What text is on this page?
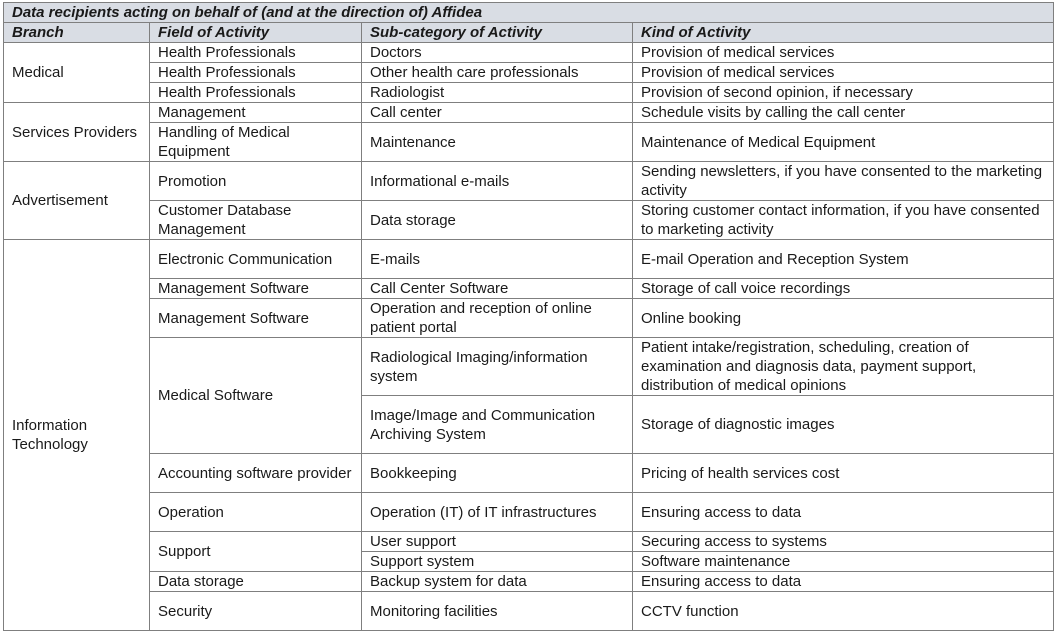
Data recipients acting on behalf of (and at the direction of) Affidea				
Branch	Field of Activity	Sub-category of Activity	Kind of Activity	
Medical	Health Professionals	Doctors	Provision of medical services	
	Health Professionals	Other health care professionals	Provision of medical services	
	Health Professionals	Radiologist	Provision of second opinion, if necessary	
Services Providers	Management	Call center	Schedule visits by calling the call center	
	Handling of Medical Equipment	Maintenance	Maintenance of Medical Equipment	
Advertisement	Promotion	Informational e-mails	Sending newsletters, if you have consented to the marketing activity	
	Customer Database Management	Data storage	Storing customer contact information, if you have consented to marketing activity	
Information Technology	Electronic Communication	E-mails	E-mail Operation and Reception System	
	Management Software	Call Center Software	Storage of call voice recordings	
	Management Software	Operation and reception of online patient portal	Online booking	
	Medical Software	Radiological Imaging/information system	Patient intake/registration, scheduling, creation of examination and diagnosis data, payment support, distribution of medical opinions	
		Image/Image and Communication Archiving System	Storage of diagnostic images	
	Accounting software provider	Bookkeeping	Pricing of health services cost	
	Operation	Operation (IT) of IT infrastructures	Ensuring access to data	
	Support	User support	Securing access to systems	
		Support system	Software maintenance	
	Data storage	Backup system for data	Ensuring access to data	
	Security	Monitoring facilities	CCTV function	
